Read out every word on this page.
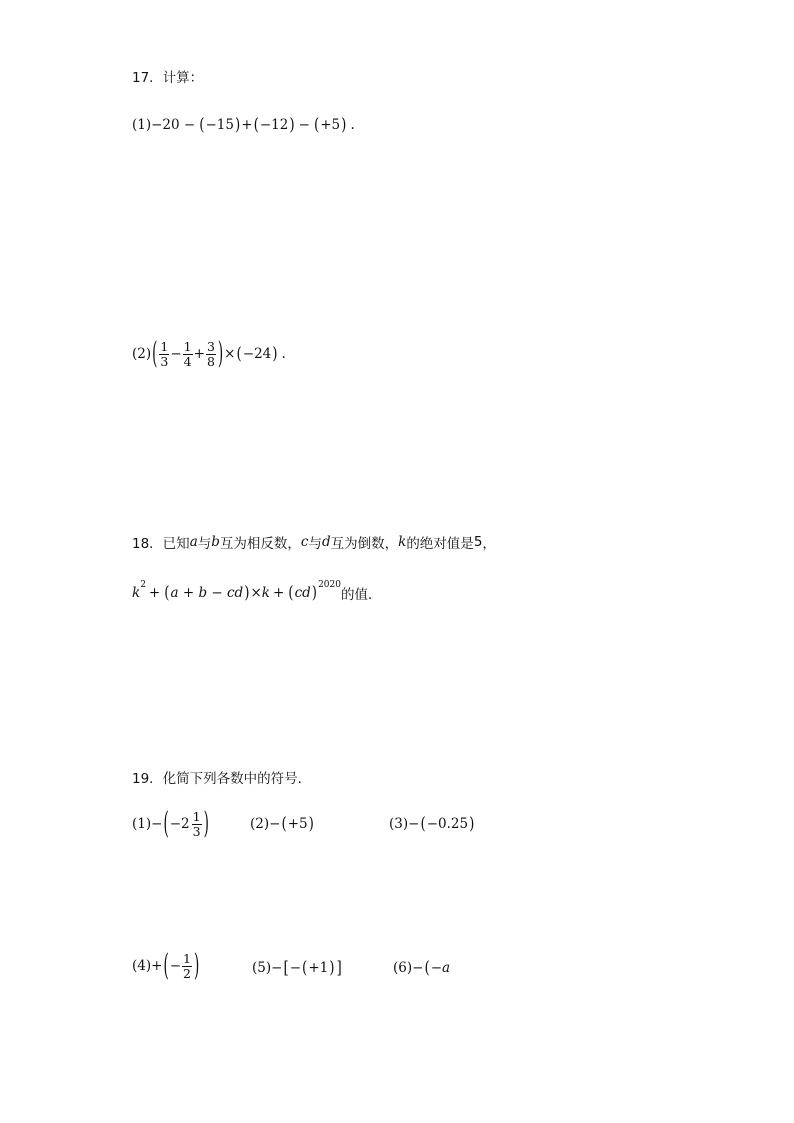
17．计算：
(1) −20 − ( −15 ) + ( −12 ) − ( +5 ) .
(2) ( $\frac{1}{3} - \frac{1}{4} + \frac{3}{8}$ ) × ( −24 ) .
18．已知 a 与 b 互为相反数， c 与 d 互为倒数， k 的绝对值是 5 ，
k 2 + ( a + b − cd ) × k + ( cd ) 2020
的值．
19．化简下列各数中的符号．
(1)− ( $-2 \frac{1}{3}$ )	(2)− ( +5 )	(3)− ( −0.25 )
(4)+ ( − $\frac{1}{2}$ )	(5)− [ − ( +1 ) ]	(6)− ( −a
